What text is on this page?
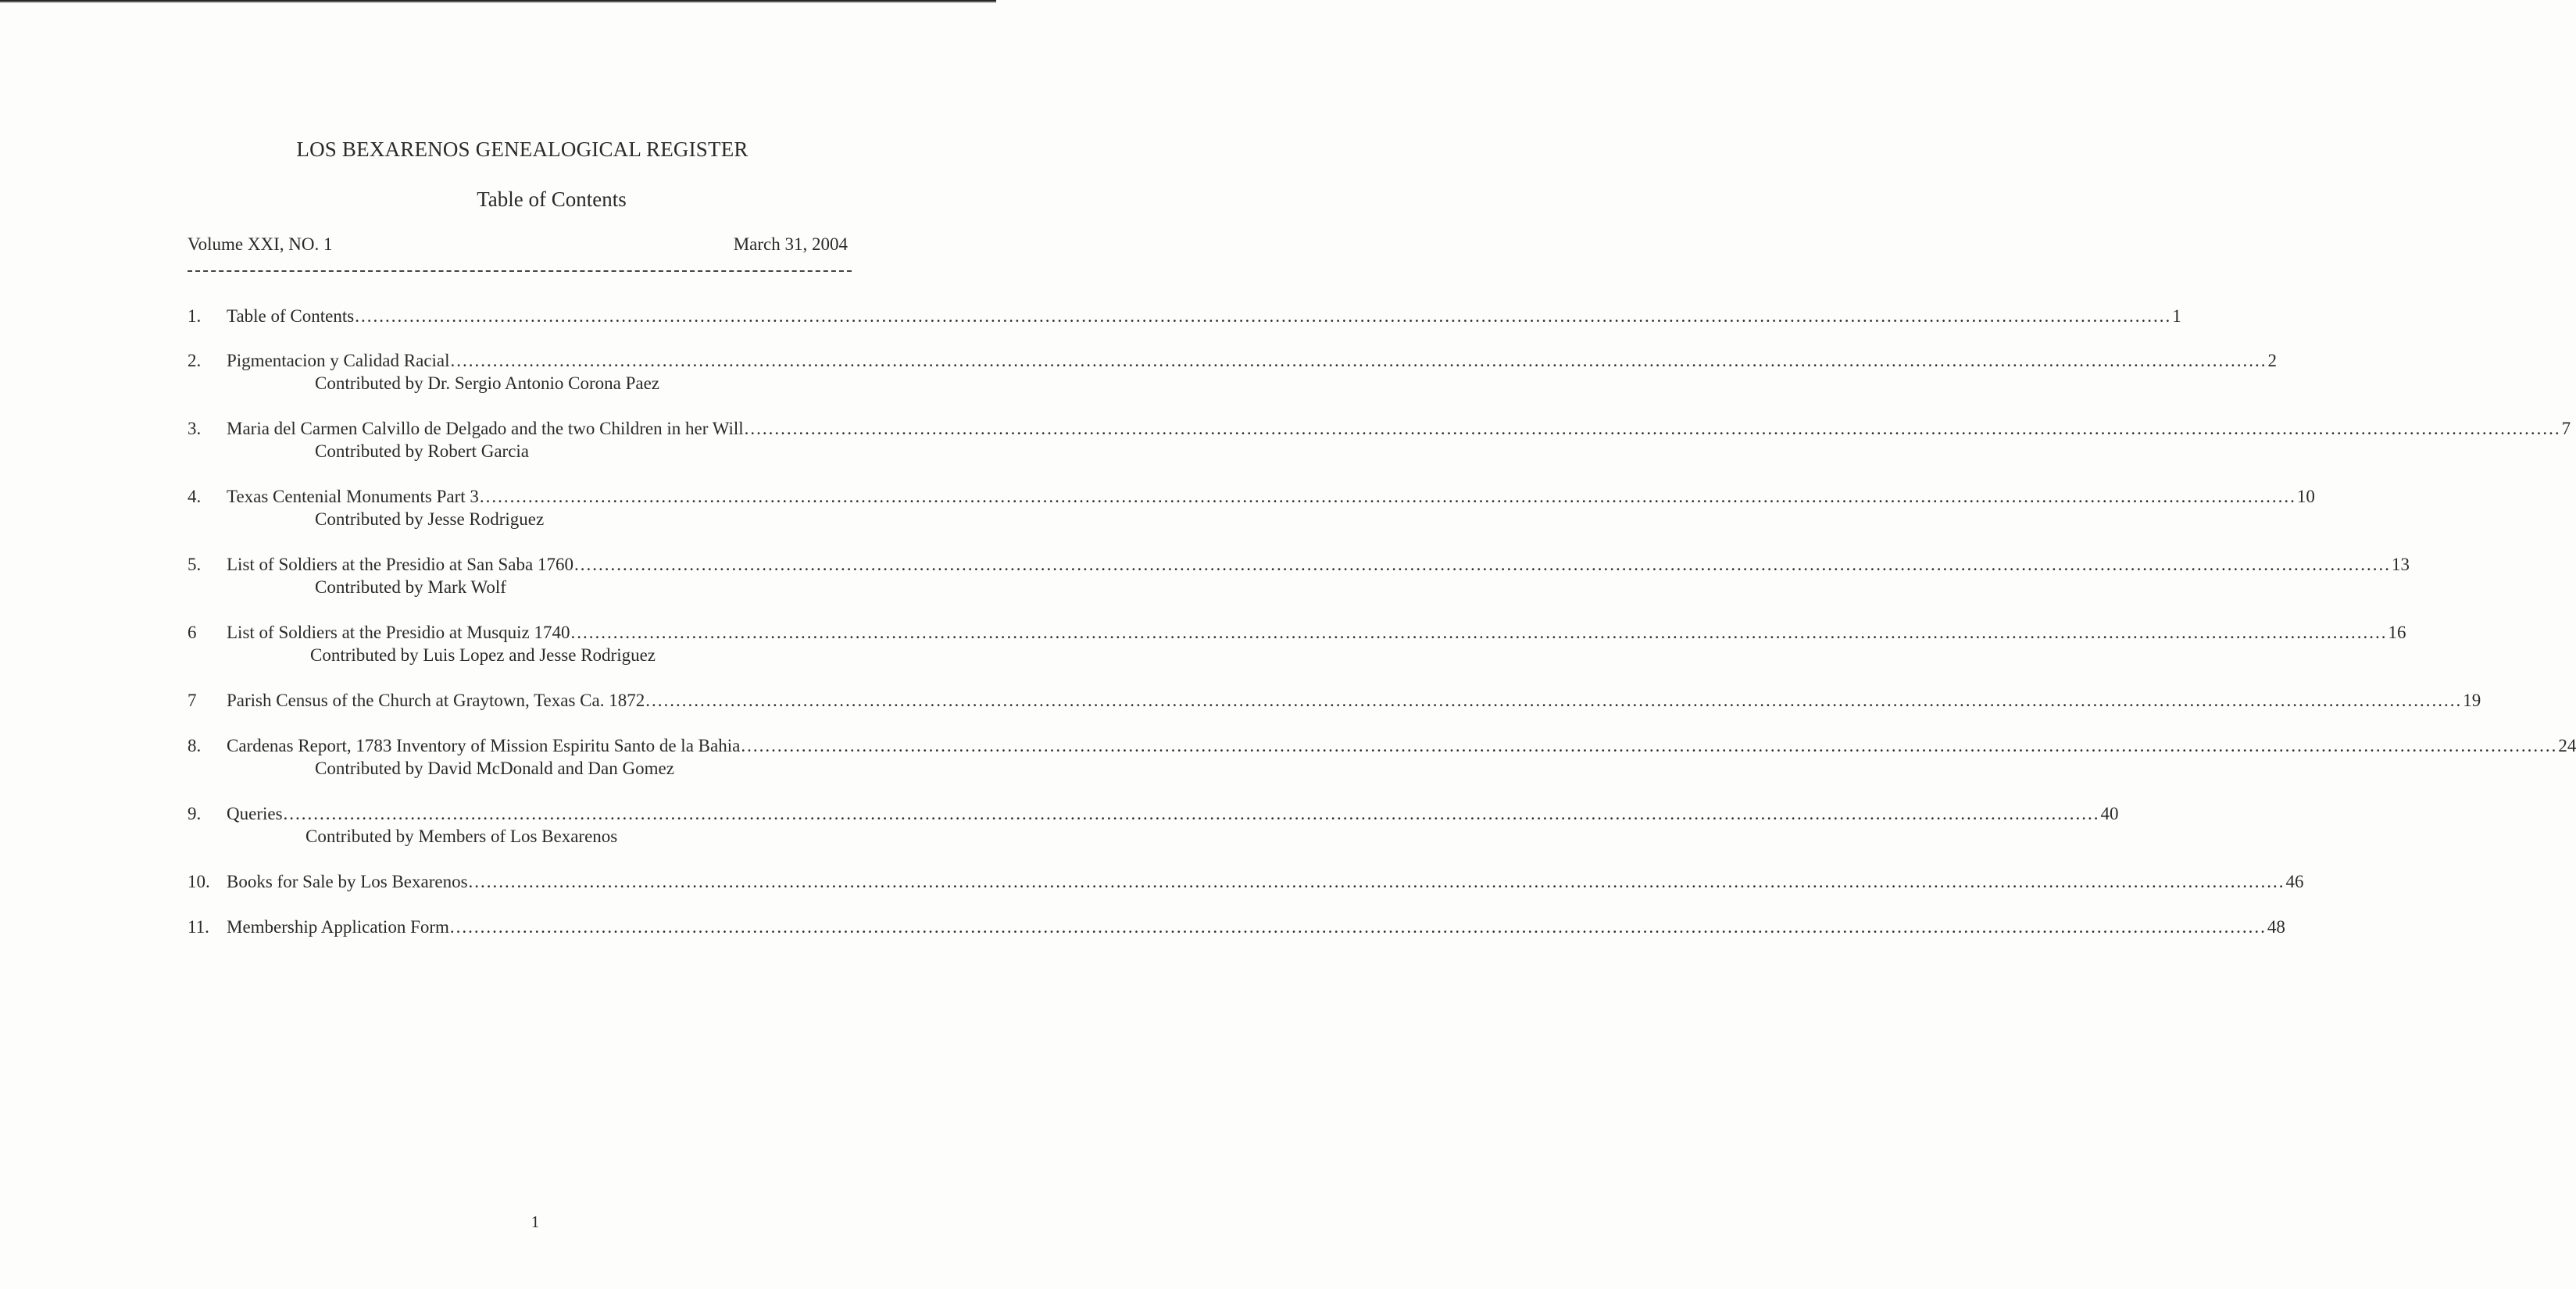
LOS BEXARENOS GENEALOGICAL REGISTER
Table of Contents
Volume XXI, NO. 1	March 31, 2004
1. Table of Contents ............................................................................................................................................................................................................................................................................................................ 1
2. Pigmentacion y Calidad Racial ............................................................................................................................................................................................................................................................................................................ 2
Contributed by Dr. Sergio Antonio Corona Paez
3. Maria del Carmen Calvillo de Delgado and the two Children in her Will ............................................................................................................................................................................................................................................................................................................ 7
Contributed by Robert Garcia
4. Texas Centenial Monuments Part 3 ............................................................................................................................................................................................................................................................................................................ 10
Contributed by Jesse Rodriguez
5. List of Soldiers at the Presidio at San Saba 1760 ............................................................................................................................................................................................................................................................................................................ 13
Contributed by Mark Wolf
6 List of Soldiers at the Presidio at Musquiz 1740 ............................................................................................................................................................................................................................................................................................................ 16
Contributed by Luis Lopez and Jesse Rodriguez
7 Parish Census of the Church at Graytown, Texas Ca. 1872 ............................................................................................................................................................................................................................................................................................................ 19
8. Cardenas Report, 1783 Inventory of Mission Espiritu Santo de la Bahia ............................................................................................................................................................................................................................................................................................................ 24
Contributed by David McDonald and Dan Gomez
9. Queries ............................................................................................................................................................................................................................................................................................................ 40
Contributed by Members of Los Bexarenos
10. Books for Sale by Los Bexarenos ............................................................................................................................................................................................................................................................................................................ 46
11. Membership Application Form ............................................................................................................................................................................................................................................................................................................ 48
1
